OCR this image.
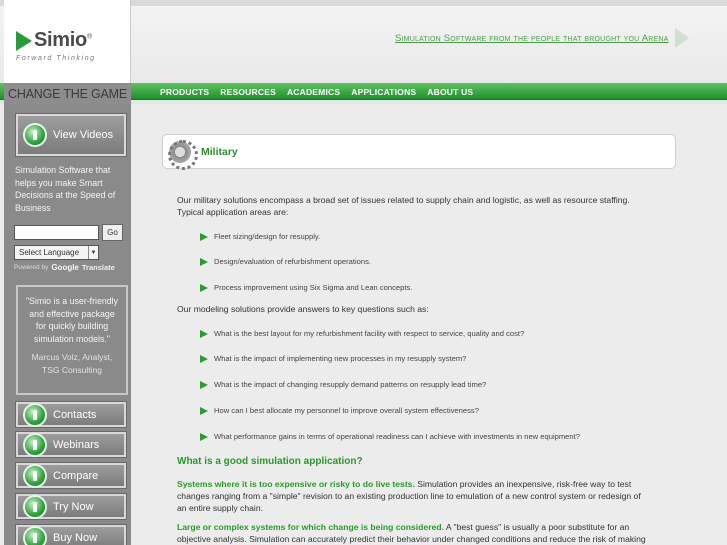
Simulation Software from the people that brought you Arena
PRODUCTS RESOURCES ACADEMICS APPLICATIONS ABOUT US
Simio®
Forward Thinking
View Videos
Simulation Software that helps you make Smart Decisions at the Speed of Business
Go
Select Language	▼
Powered by Google Translate
"Simio is a user-friendly and effective package for quickly building simulation models."
Marcus Volz, Analyst, TSG Consulting
Contacts
Webinars
Compare
Try Now
Buy Now
CHANGE THE GAME
Military
Our military solutions encompass a broad set of issues related to supply chain and logistic, as well as resource staffing. Typical application areas are:
Fleet sizing/design for resupply.
Design/evaluation of refurbishment operations.
Process improvement using Six Sigma and Lean concepts.
Our modeling solutions provide answers to key questions such as:
What is the best layout for my refurbishment facility with respect to service, quality and cost?
What is the impact of implementing new processes in my resupply system?
What is the impact of changing resupply demand patterns on resupply lead time?
How can I best allocate my personnel to improve overall system effectiveness?
What performance gains in terms of operational readiness can I achieve with investments in new equipment?
What is a good simulation application?
Systems where it is too expensive or risky to do live tests. Simulation provides an inexpensive, risk-free way to test changes ranging from a "simple" revision to an existing production line to emulation of a new control system or redesign of an entire supply chain.
Large or complex systems for which change is being considered. A "best guess" is usually a poor substitute for an objective analysis. Simulation can accurately predict their behavior under changed conditions and reduce the risk of making
